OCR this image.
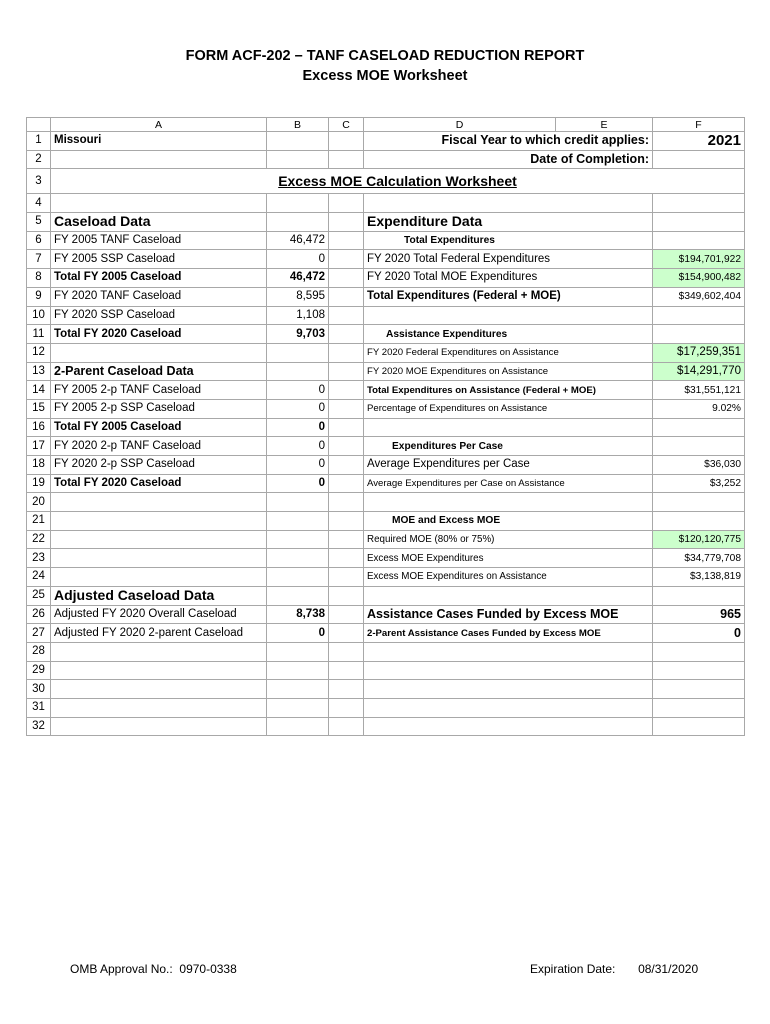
FORM ACF-202 – TANF CASELOAD REDUCTION REPORT
Excess MOE Worksheet
	A	B	C	D	E	F
1	Missouri			Fiscal Year to which credit applies:		2021
2				Date of Completion:		
3	Excess MOE Calculation Worksheet					
4						
5	Caseload Data			Expenditure Data		
6	FY 2005 TANF Caseload	46,472		Total Expenditures		
7	FY 2005 SSP Caseload	0		FY 2020 Total Federal Expenditures		$194,701,922
8	Total FY 2005 Caseload	46,472		FY 2020 Total MOE Expenditures		$154,900,482
9	FY 2020 TANF Caseload	8,595		Total Expenditures (Federal + MOE)		$349,602,404
10	FY 2020 SSP Caseload	1,108				
11	Total FY 2020 Caseload	9,703		Assistance Expenditures		
12				FY 2020 Federal Expenditures on Assistance		$17,259,351
13	2-Parent Caseload Data			FY 2020 MOE Expenditures on Assistance		$14,291,770
14	FY 2005 2-p TANF Caseload	0		Total Expenditures on Assistance (Federal + MOE)		$31,551,121
15	FY 2005 2-p SSP Caseload	0		Percentage of Expenditures on Assistance		9.02%
16	Total FY 2005 Caseload	0				
17	FY 2020 2-p TANF Caseload	0		Expenditures Per Case		
18	FY 2020 2-p SSP Caseload	0		Average Expenditures per Case		$36,030
19	Total FY 2020 Caseload	0		Average Expenditures per Case on Assistance		$3,252
20						
21				MOE and Excess MOE		
22				Required MOE (80% or 75%)		$120,120,775
23				Excess MOE Expenditures		$34,779,708
24				Excess MOE Expenditures on Assistance		$3,138,819
25	Adjusted Caseload Data					
26	Adjusted FY 2020 Overall Caseload	8,738		Assistance Cases Funded by Excess MOE		965
27	Adjusted FY 2020 2-parent Caseload	0		2-Parent Assistance Cases Funded by Excess MOE		0
28						
29						
30						
31						
32						
OMB Approval No.: 0970-0338	Expiration Date: 08/31/2020
